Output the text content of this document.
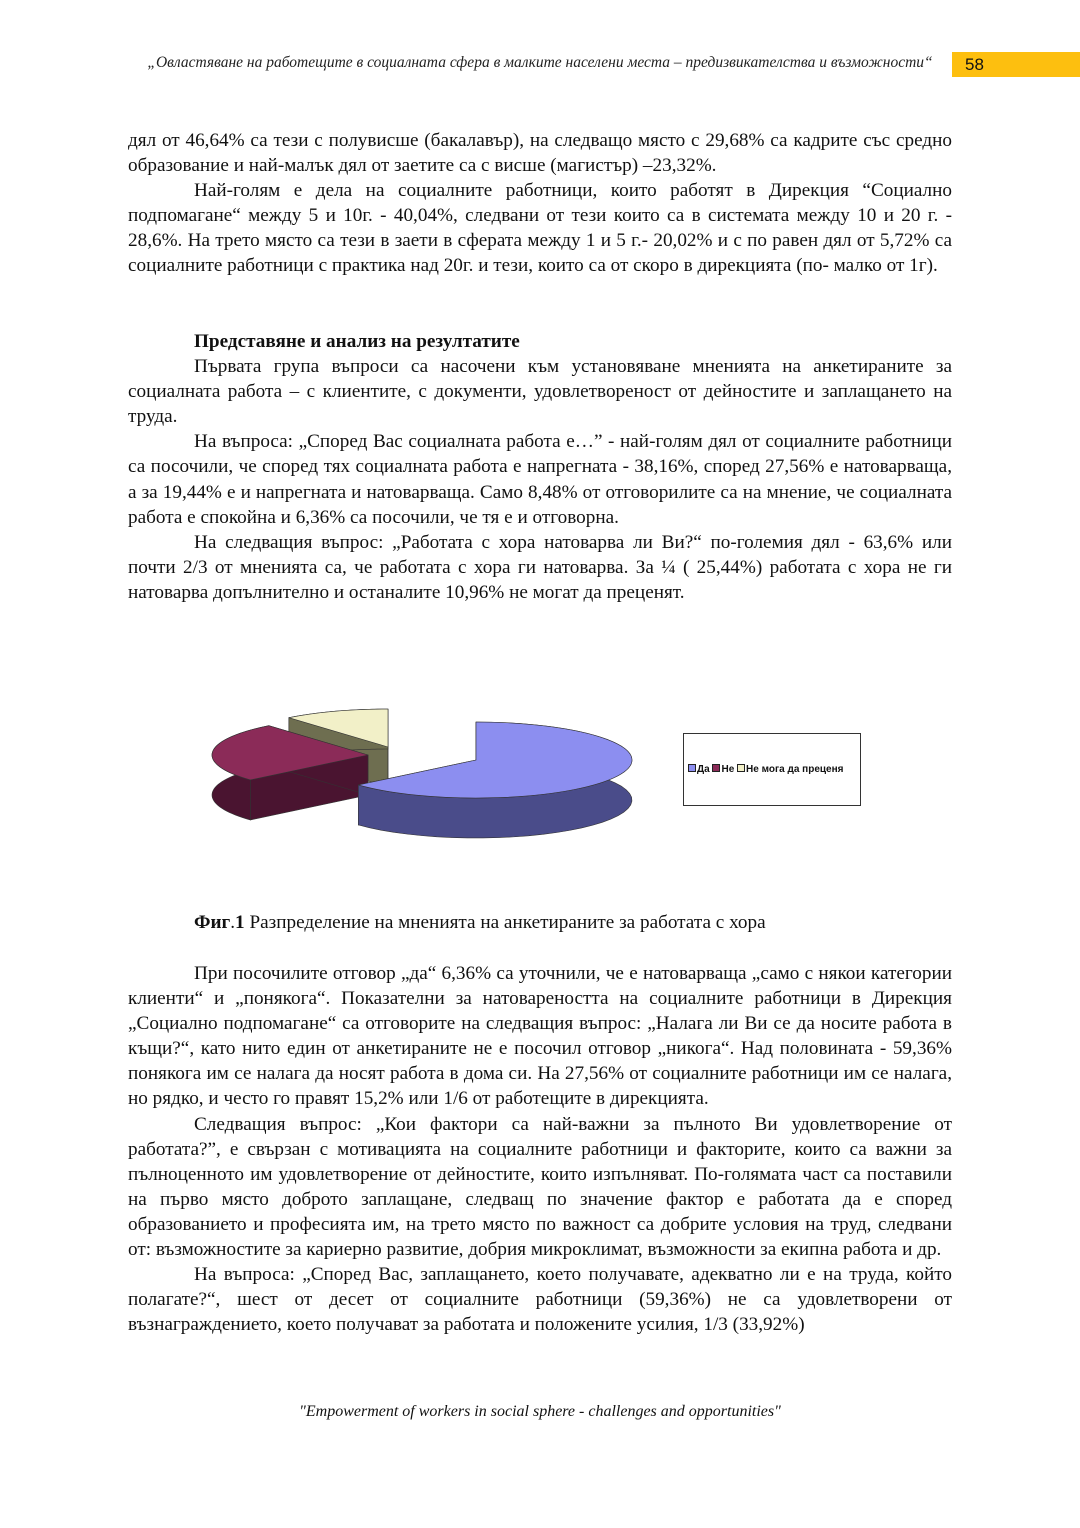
„Овластяване на работещите в социалната сфера в малките населени места – предизвикателства и възможности“	58

дял от 46,64% са тези с полувисше (бакалавър), на следващо място с 29,68% са кадрите със средно образование и най-малък дял от заетите са с висше (магистър) –23,32%.

Най-голям е дела на социалните работници, които работят в Дирекция “Социално подпомагане“ между 5 и 10г. - 40,04%, следвани от тези които са в системата между 10 и 20 г. - 28,6%. На трето място са тези в заети в сферата между 1 и 5 г.- 20,02% и с по равен дял от 5,72% са социалните работници с практика над 20г. и тези, които са от скоро в дирекцията (по- малко от 1г).

Представяне и анализ на резултатите

Първата група въпроси са насочени към установяване мненията на анкетираните за социалната работа – с клиентите, с документи, удовлетвореност от дейностите и заплащането на труда.

На въпроса: „Според Вас социалната работа е…” - най-голям дял от социалните работници са посочили, че според тях социалната работа е напрегната - 38,16%, според 27,56% е натоварваща, а за 19,44% е и напрегната и натоварваща. Само 8,48% от отговорилите са на мнение, че социалната работа е спокойна и 6,36% са посочили, че тя е и отговорна.

На следващия въпрос: „Работата с хора натоварва ли Ви?“ по-големия дял - 63,6% или почти 2/3 от мненията са, че работата с хора ги натоварва. За ¼ ( 25,44%) работата с хора не ги натоварва допълнително и останалите 10,96% не могат да преценят.

Да Не Не мога да преценя
Фиг.1 Разпределение на мненията на анкетираните за работата с хора

При посочилите отговор „да“ 6,36% са уточнили, че е натоварваща „само с някои категории клиенти“ и „понякога“. Показателни за натовареността на социалните работници в Дирекция „Социално подпомагане“ са отговорите на следващия въпрос: „Налага ли Ви се да носите работа в къщи?“, като нито един от анкетираните не е посочил отговор „никога“. Над половината - 59,36% понякога им се налага да носят работа в дома си. На 27,56% от социалните работници им се налага, но рядко, и често го правят 15,2% или 1/6 от работещите в дирекцията.

Следващия въпрос: „Кои фактори са най-важни за пълното Ви удовлетворение от работата?”, е свързан с мотивацията на социалните работници и факторите, които са важни за пълноценното им удовлетворение от дейностите, които изпълняват. По-голямата част са поставили на първо място доброто заплащане, следващ по значение фактор е работата да е според образованието и професията им, на трето място по важност са добрите условия на труд, следвани от: възможностите за кариерно развитие, добрия микроклимат, възможности за екипна работа и др.

На въпроса: „Според Вас, заплащането, което получавате, адекватно ли е на труда, който полагате?“, шест от десет от социалните работници (59,36%) не са удовлетворени от възнаграждението, което получават за работата и положените усилия, 1/3 (33,92%)

"Empowerment of workers in social sphere - challenges and opportunities"
